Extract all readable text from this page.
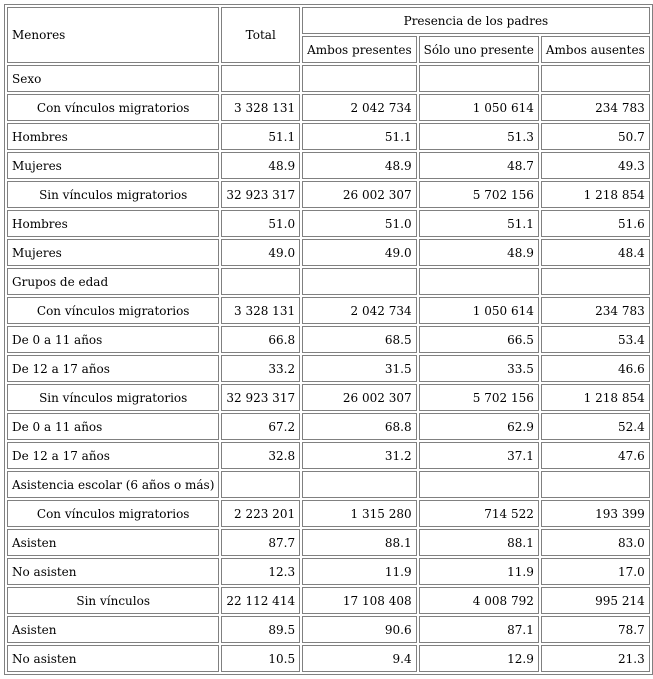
Menores	Total	Presencia de los padres		
		Ambos presentes	Sólo uno presente	Ambos ausentes
Sexo				
Con vínculos migratorios	3 328 131	2 042 734	1 050 614	234 783
Hombres	51.1	51.1	51.3	50.7
Mujeres	48.9	48.9	48.7	49.3
Sin vínculos migratorios	32 923 317	26 002 307	5 702 156	1 218 854
Hombres	51.0	51.0	51.1	51.6
Mujeres	49.0	49.0	48.9	48.4
Grupos de edad				
Con vínculos migratorios	3 328 131	2 042 734	1 050 614	234 783
De 0 a 11 años	66.8	68.5	66.5	53.4
De 12 a 17 años	33.2	31.5	33.5	46.6
Sin vínculos migratorios	32 923 317	26 002 307	5 702 156	1 218 854
De 0 a 11 años	67.2	68.8	62.9	52.4
De 12 a 17 años	32.8	31.2	37.1	47.6
Asistencia escolar (6 años o más)				
Con vínculos migratorios	2 223 201	1 315 280	714 522	193 399
Asisten	87.7	88.1	88.1	83.0
No asisten	12.3	11.9	11.9	17.0
Sin vínculos	22 112 414	17 108 408	4 008 792	995 214
Asisten	89.5	90.6	87.1	78.7
No asisten	10.5	9.4	12.9	21.3
